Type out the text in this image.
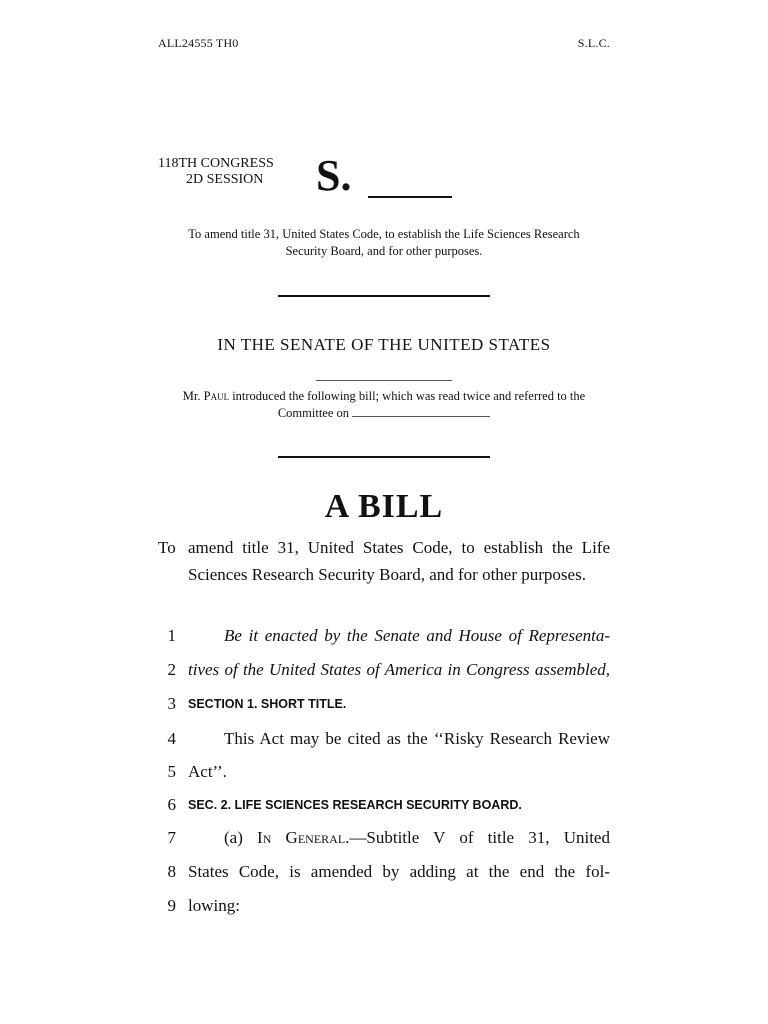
ALL24555 TH0	S.L.C.
118TH CONGRESS
2D SESSION S.
To amend title 31, United States Code, to establish the Life Sciences Research Security Board, and for other purposes.
IN THE SENATE OF THE UNITED STATES
Mr. Paul introduced the following bill; which was read twice and referred to the Committee on
A BILL
To amend title 31, United States Code, to establish the Life Sciences Research Security Board, and for other purposes.
1	Be it enacted by the Senate and House of Representa-
2 tives of the United States of America in Congress assembled,
3 SECTION 1. SHORT TITLE.
4	This Act may be cited as the ‘‘Risky Research Review
5 Act’’.
6 SEC. 2. LIFE SCIENCES RESEARCH SECURITY BOARD.
7	(a) In General.—Subtitle V of title 31, United
8 States Code, is amended by adding at the end the fol-
9 lowing:
